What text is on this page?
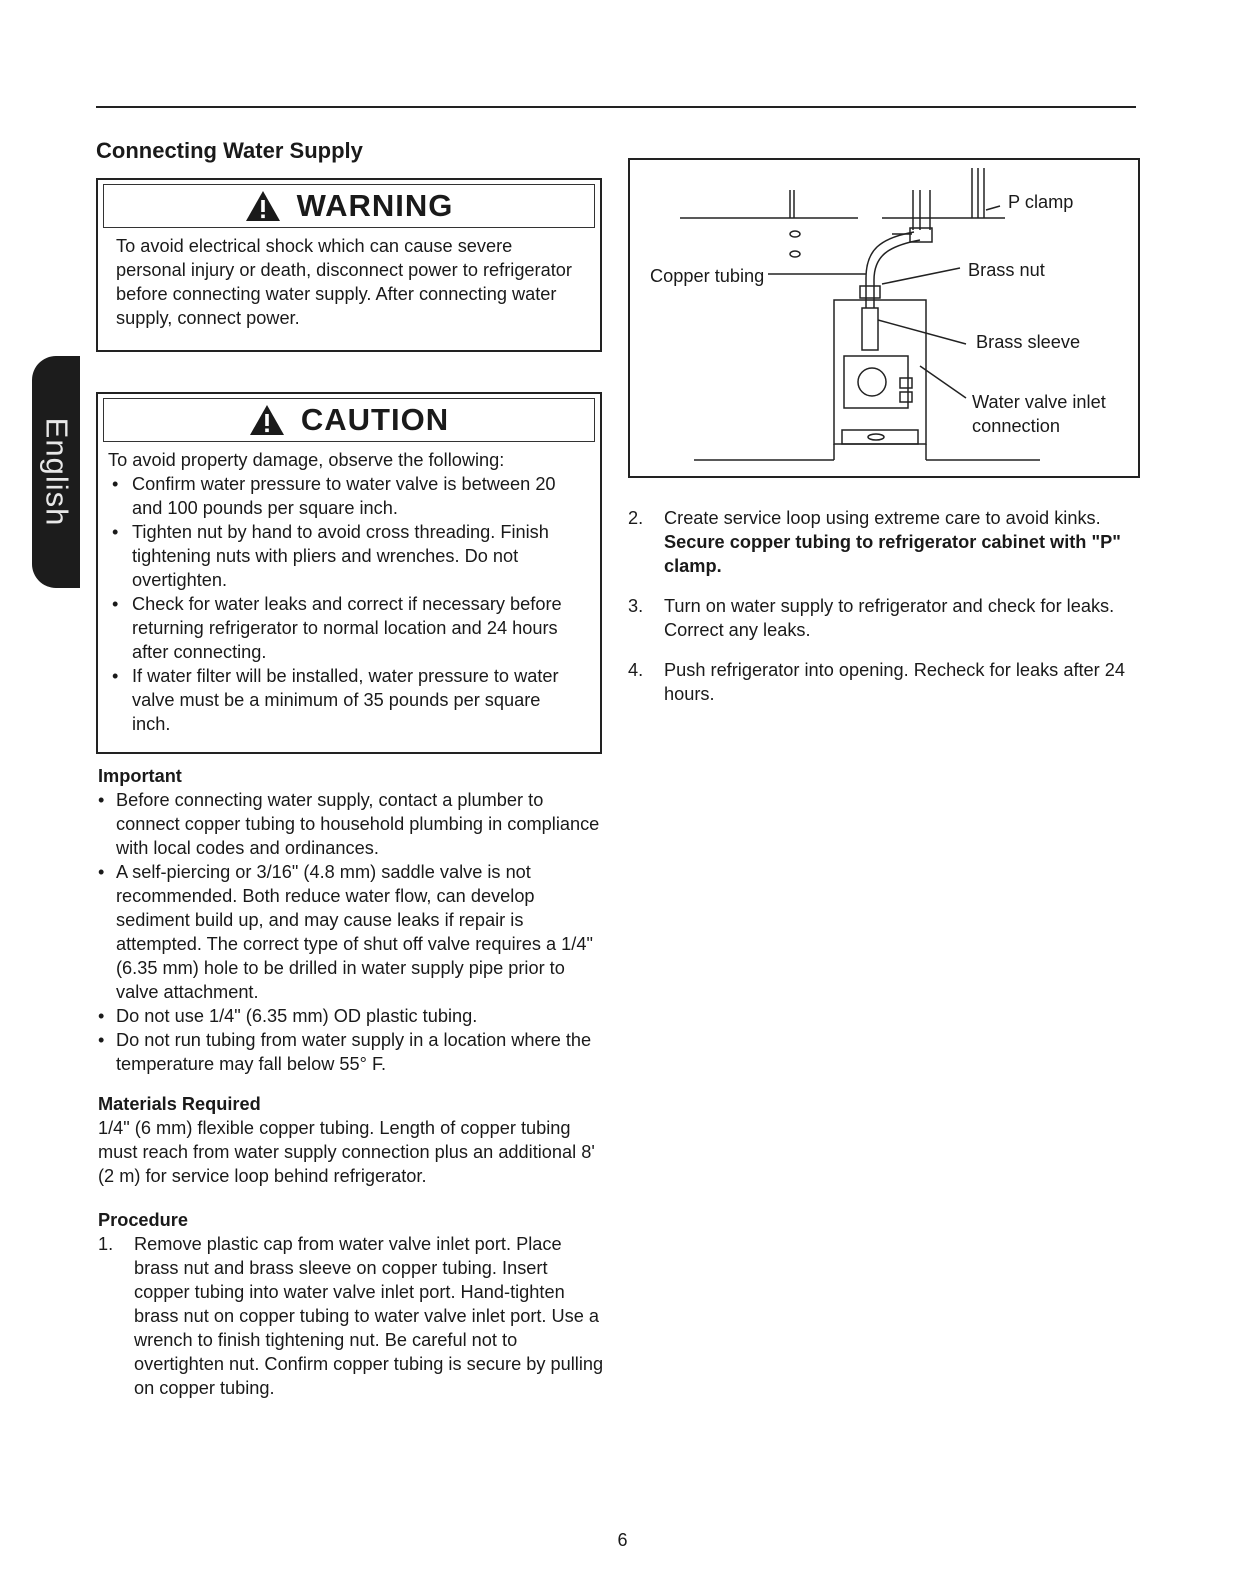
English
Connecting Water Supply
WARNING
To avoid electrical shock which can cause severe personal injury or death, disconnect power to refrigerator before connecting water supply. After connecting water supply, connect power.
CAUTION
To avoid property damage, observe the following:
• Confirm water pressure to water valve is between 20 and 100 pounds per square inch.
• Tighten nut by hand to avoid cross threading. Finish tightening nuts with pliers and wrenches. Do not overtighten.
• Check for water leaks and correct if necessary before returning refrigerator to normal location and 24 hours after connecting.
• If water filter will be installed, water pressure to water valve must be a minimum of 35 pounds per square inch.
Important
• Before connecting water supply, contact a plumber to connect copper tubing to household plumbing in compliance with local codes and ordinances.
• A self-piercing or 3/16" (4.8 mm) saddle valve is not recommended. Both reduce water flow, can develop sediment build up, and may cause leaks if repair is attempted. The correct type of shut off valve requires a 1/4" (6.35 mm) hole to be drilled in water supply pipe prior to valve attachment.
• Do not use 1/4" (6.35 mm) OD plastic tubing.
• Do not run tubing from water supply in a location where the temperature may fall below 55° F.
Materials Required

1/4" (6 mm) flexible copper tubing. Length of copper tubing must reach from water supply connection plus an additional 8' (2 m) for service loop behind refrigerator.

Procedure
1. Remove plastic cap from water valve inlet port. Place brass nut and brass sleeve on copper tubing. Insert copper tubing into water valve inlet port. Hand-tighten brass nut on copper tubing to water valve inlet port. Use a wrench to finish tightening nut. Be careful not to overtighten nut. Confirm copper tubing is secure by pulling on copper tubing.
P clamp
Copper tubing	Brass nut
Brass sleeve
Water valve inlet
connection
2. Create service loop using extreme care to avoid kinks. Secure copper tubing to refrigerator cabinet with "P" clamp.
3. Turn on water supply to refrigerator and check for leaks. Correct any leaks.
4. Push refrigerator into opening. Recheck for leaks after 24 hours.
6
